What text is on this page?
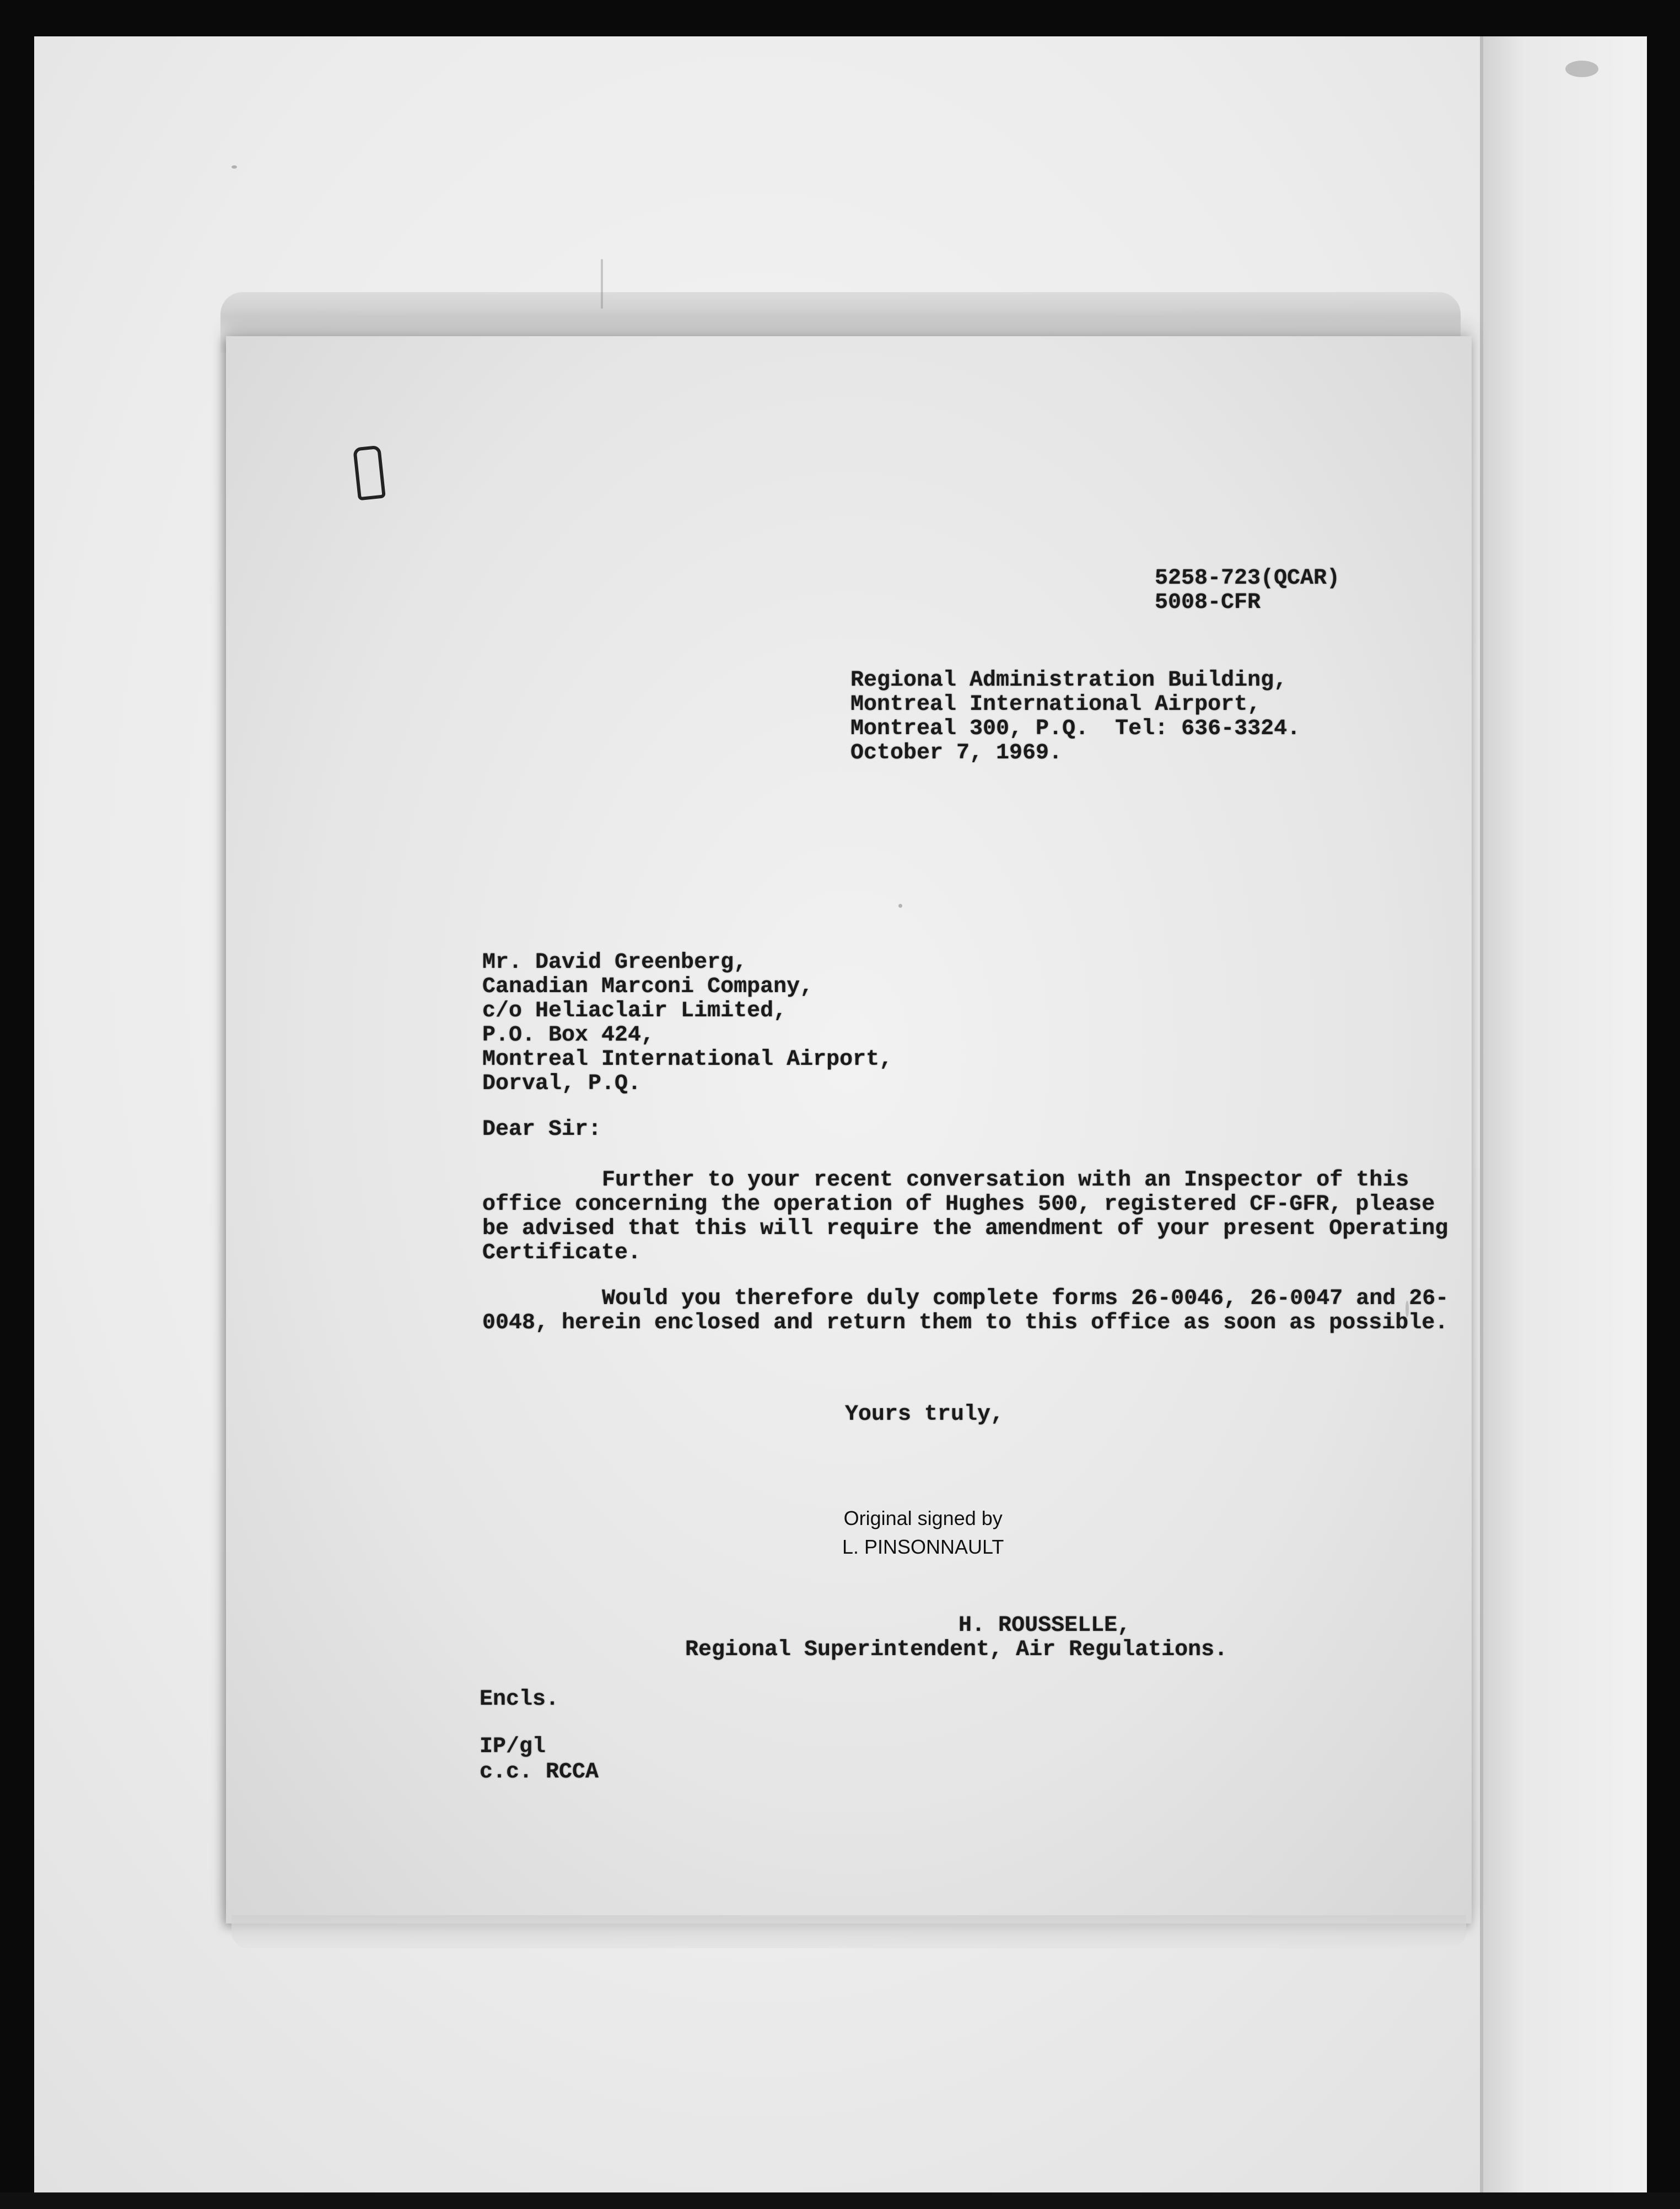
5258-723(QCAR)
5008-CFR
Regional Administration Building,
Montreal International Airport,
Montreal 300, P.Q.  Tel: 636-3324.
October 7, 1969.
Mr. David Greenberg,
Canadian Marconi Company,
c/o Heliaclair Limited,
P.O. Box 424,
Montreal International Airport,
Dorval, P.Q.
Dear Sir:
Further to your recent conversation with an Inspector of this office concerning the operation of Hughes 500, registered CF-GFR, please be advised that this will require the amendment of your present Operating Certificate.
Would you therefore duly complete forms 26-0046, 26-0047 and 26-0048, herein enclosed and return them to this office as soon as possible.
Yours truly,
Original signed by
L. PINSONNAULT
H. ROUSSELLE,
Regional Superintendent, Air Regulations.
Encls.
IP/gl
c.c. RCCA
